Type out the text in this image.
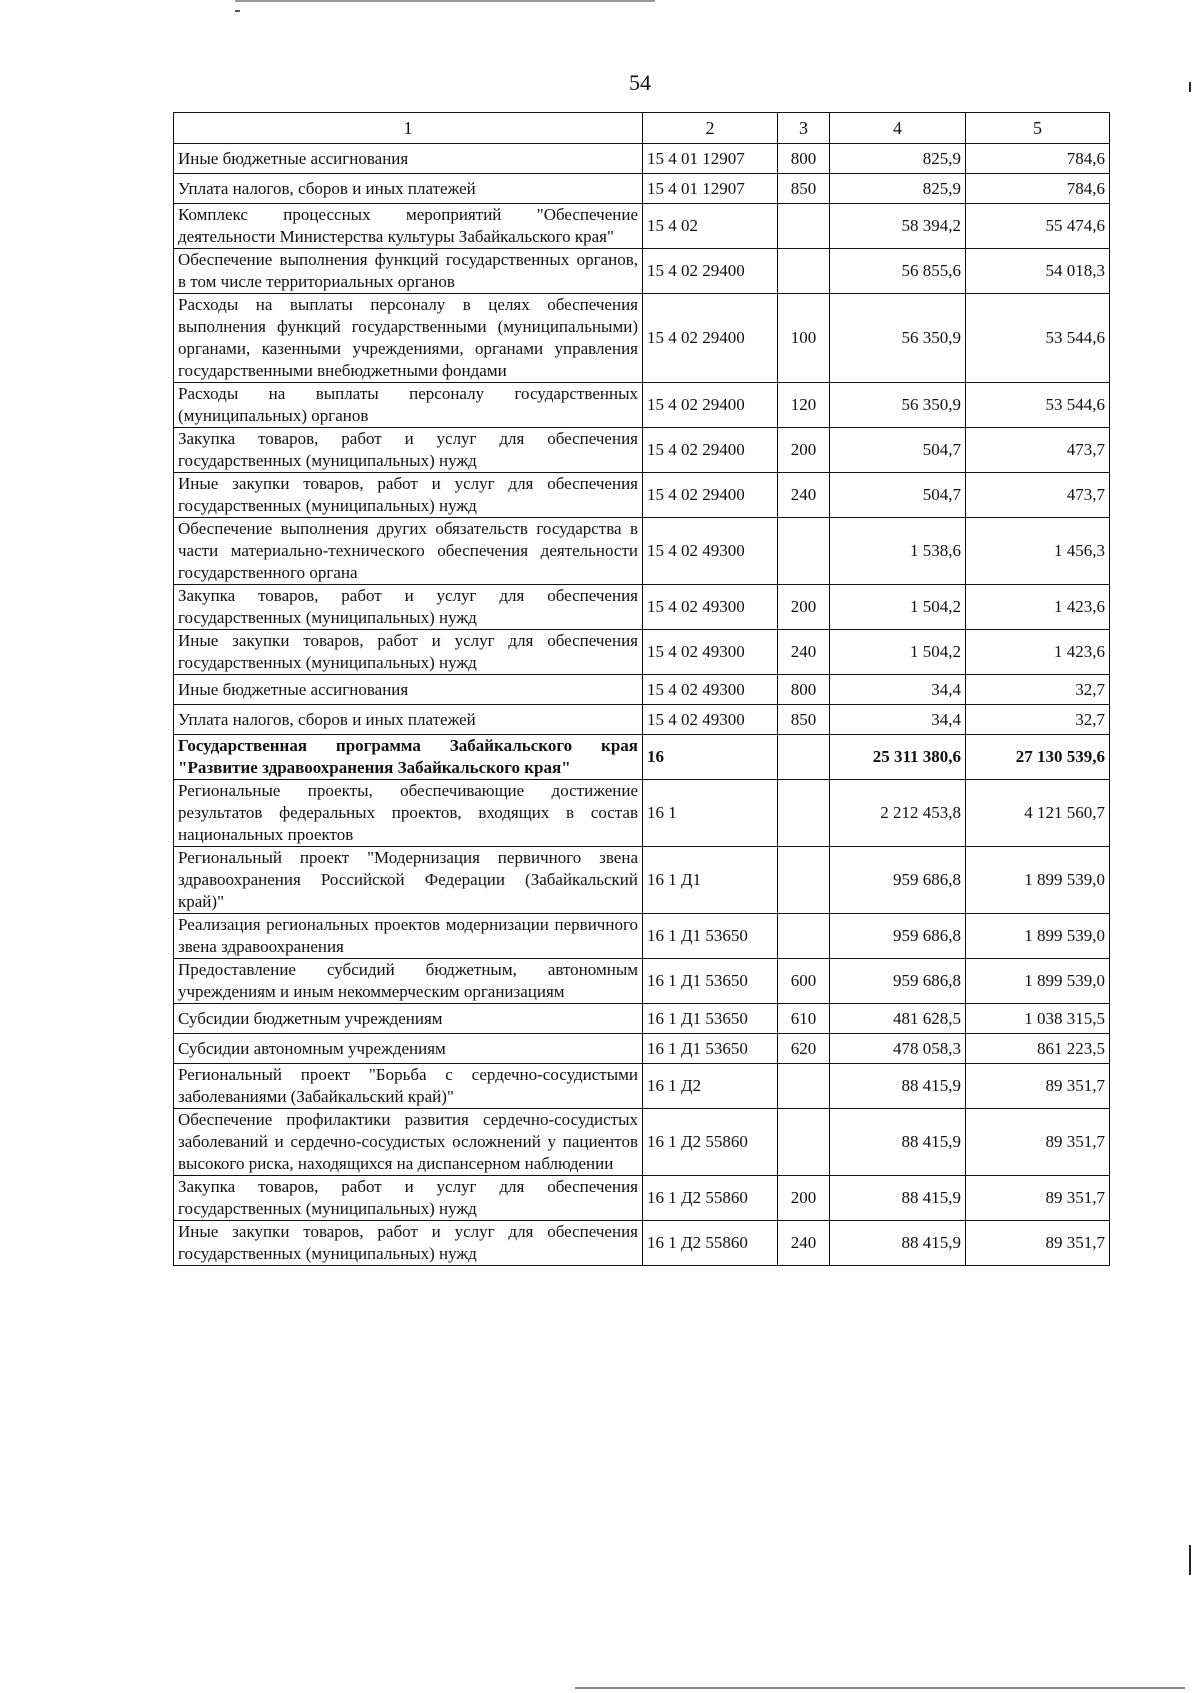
54
1	2	3	4	5
Иные бюджетные ассигнования	15 4 01 12907	800	825,9	784,6
Уплата налогов, сборов и иных платежей	15 4 01 12907	850	825,9	784,6
Комплекс процессных мероприятий "Обеспечение деятельности Министерства культуры Забайкальского края"	15 4 02		58 394,2	55 474,6
Обеспечение выполнения функций государственных органов, в том числе территориальных органов	15 4 02 29400		56 855,6	54 018,3
Расходы на выплаты персоналу в целях обеспечения выполнения функций государственными (муниципальными) органами, казенными учреждениями, органами управления государственными внебюджетными фондами	15 4 02 29400	100	56 350,9	53 544,6
Расходы на выплаты персоналу государственных (муниципальных) органов	15 4 02 29400	120	56 350,9	53 544,6
Закупка товаров, работ и услуг для обеспечения государственных (муниципальных) нужд	15 4 02 29400	200	504,7	473,7
Иные закупки товаров, работ и услуг для обеспечения государственных (муниципальных) нужд	15 4 02 29400	240	504,7	473,7
Обеспечение выполнения других обязательств государства в части материально-технического обеспечения деятельности государственного органа	15 4 02 49300		1 538,6	1 456,3
Закупка товаров, работ и услуг для обеспечения государственных (муниципальных) нужд	15 4 02 49300	200	1 504,2	1 423,6
Иные закупки товаров, работ и услуг для обеспечения государственных (муниципальных) нужд	15 4 02 49300	240	1 504,2	1 423,6
Иные бюджетные ассигнования	15 4 02 49300	800	34,4	32,7
Уплата налогов, сборов и иных платежей	15 4 02 49300	850	34,4	32,7
Государственная программа Забайкальского края "Развитие здравоохранения Забайкальского края"	16		25 311 380,6	27 130 539,6
Региональные проекты, обеспечивающие достижение результатов федеральных проектов, входящих в состав национальных проектов	16 1		2 212 453,8	4 121 560,7
Региональный проект "Модернизация первичного звена здравоохранения Российской Федерации (Забайкальский край)"	16 1 Д1		959 686,8	1 899 539,0
Реализация региональных проектов модернизации первичного звена здравоохранения	16 1 Д1 53650		959 686,8	1 899 539,0
Предоставление субсидий бюджетным, автономным учреждениям и иным некоммерческим организациям	16 1 Д1 53650	600	959 686,8	1 899 539,0
Субсидии бюджетным учреждениям	16 1 Д1 53650	610	481 628,5	1 038 315,5
Субсидии автономным учреждениям	16 1 Д1 53650	620	478 058,3	861 223,5
Региональный проект "Борьба с сердечно-сосудистыми заболеваниями (Забайкальский край)"	16 1 Д2		88 415,9	89 351,7
Обеспечение профилактики развития сердечно-сосудистых заболеваний и сердечно-сосудистых осложнений у пациентов высокого риска, находящихся на диспансерном наблюдении	16 1 Д2 55860		88 415,9	89 351,7
Закупка товаров, работ и услуг для обеспечения государственных (муниципальных) нужд	16 1 Д2 55860	200	88 415,9	89 351,7
Иные закупки товаров, работ и услуг для обеспечения государственных (муниципальных) нужд	16 1 Д2 55860	240	88 415,9	89 351,7
